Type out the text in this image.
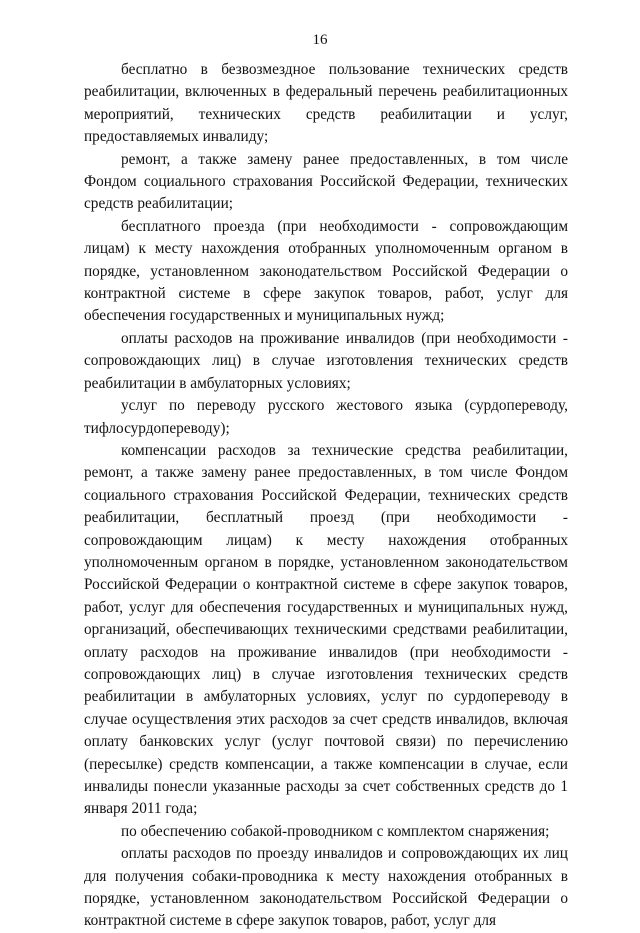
16

бесплатно в безвозмездное пользование технических средств реабилитации, включенных в федеральный перечень реабилитационных мероприятий, технических средств реабилитации и услуг, предоставляемых инвалиду;

ремонт, а также замену ранее предоставленных, в том числе Фондом социального страхования Российской Федерации, технических средств реабилитации;

бесплатного проезда (при необходимости - сопровождающим лицам) к месту нахождения отобранных уполномоченным органом в порядке, установленном законодательством Российской Федерации о контрактной системе в сфере закупок товаров, работ, услуг для обеспечения государственных и муниципальных нужд;

оплаты расходов на проживание инвалидов (при необходимости - сопровождающих лиц) в случае изготовления технических средств реабилитации в амбулаторных условиях;

услуг по переводу русского жестового языка (сурдопереводу, тифлосурдопереводу);

компенсации расходов за технические средства реабилитации, ремонт, а также замену ранее предоставленных, в том числе Фондом социального страхования Российской Федерации, технических средств реабилитации, бесплатный проезд (при необходимости - сопровождающим лицам) к месту нахождения отобранных уполномоченным органом в порядке, установленном законодательством Российской Федерации о контрактной системе в сфере закупок товаров, работ, услуг для обеспечения государственных и муниципальных нужд, организаций, обеспечивающих техническими средствами реабилитации, оплату расходов на проживание инвалидов (при необходимости - сопровождающих лиц) в случае изготовления технических средств реабилитации в амбулаторных условиях, услуг по сурдопереводу в случае осуществления этих расходов за счет средств инвалидов, включая оплату банковских услуг (услуг почтовой связи) по перечислению (пересылке) средств компенсации, а также компенсации в случае, если инвалиды понесли указанные расходы за счет собственных средств до 1 января 2011 года;

по обеспечению собакой-проводником с комплектом снаряжения;

оплаты расходов по проезду инвалидов и сопровождающих их лиц для получения собаки-проводника к месту нахождения отобранных в порядке, установленном законодательством Российской Федерации о контрактной системе в сфере закупок товаров, работ, услуг для
